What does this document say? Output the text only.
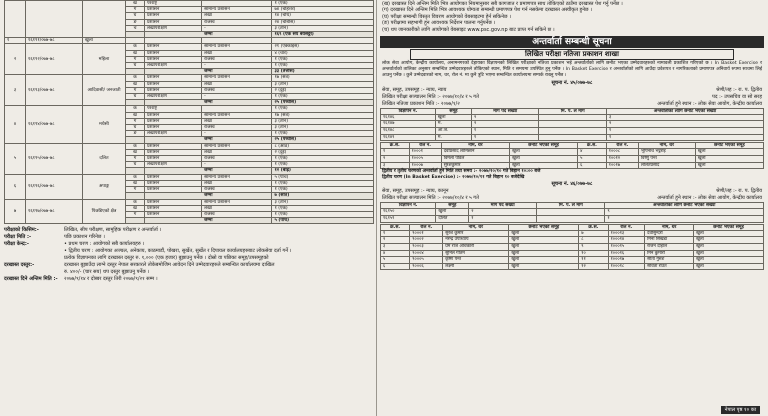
			ख	परराष्ट्र		१ (एक)
			ग	प्रशासन	सामान्य प्रशासन	७४ (चौहत्तर)
			घ	प्रशासन	लेखा	१४ (चौध)
			ङ	प्रशासन	राजस्व	२४ (चौबीस)
			च	लेखापरीक्षण	-	३ (तीन)
				जम्मा		१६९ (एक सय बयसठ्ठी)
१	१६१९१/०७७-७८	खुला				
२	१६१९२/०७७-७८	महिला	क	प्रशासन	सामान्य प्रशासन	२१ (एक्काइस)
			ख	प्रशासन	लेखा	४ (चार)
			ग	प्रशासन	राजस्व	१ (एक)
			घ	लेखापरीक्षण	-	१ (एक)
				जम्मा		३३ (तेत्तीस)
३	१६१९३/०७७-७८	आदिवासी/ जनजाती	क	प्रशासन	सामान्य प्रशासन	१७ (सत्र)
			ख	प्रशासन	लेखा	३ (तीन)
			ग	प्रशासन	राजस्व	२ (दुई)
			घ	लेखापरीक्षण	-	१ (एक)
				जम्मा		२५ (पच्चीस)
४	१६१९४/०७७-७८	मधेसी	क	परराष्ट्र		१ (एक)
			ख	प्रशासन	सामान्य प्रशासन	१७ (सत्र)
			ग	प्रशासन	लेखा	३ (तीन)
			घ	प्रशासन	राजस्व	३ (तीन)
			ङ	लेखापरीक्षण	-	१ (एक)
				जम्मा		२५ (पच्चीस)
५	१६१९५/०७७-७८	दलित	क	प्रशासन	सामान्य प्रशासन	८ (आठ)
			ख	प्रशासन	लेखा	२ (दुई)
			ग	प्रशासन	राजस्व	१ (एक)
			घ	लेखापरीक्षण	-	१ (एक)
				जम्मा		१२ (बाह्र)
६	१६१९६/०७७-७८	अपाङ्ग	क	प्रशासन	सामान्य प्रशासन	५ (पाँच)
			ख	प्रशासन	लेखा	१ (एक)
			ग	प्रशासन	राजस्व	१ (एक)
				जम्मा		७ (सात)
७	१६१९७/०७७-७८	पिछडिएको क्षेत्र	क	प्रशासन	सामान्य प्रशासन	३ (तीन)
			ख	प्रशासन	लेखा	१ (एक)
			ग	प्रशासन	राजस्व	१ (एक)
				जम्मा		५ (पाँच)
परीक्षाको किसिम:-	लिखित, सीप परीक्षण, सामूहिक परीक्षण र अन्तर्वार्ता ।
परीक्षा मिति :-	पछि प्रकाशन गरिनेछ ।
परीक्षा केन्द्र:-	• प्रथम चरण : आयोगको सबै कार्यालयहरु ।
• द्वितीय चरण : आयोगका अञ्चल, अनेकाय, काठमाडौं, पोखरा, सुर्खेत, सुर्खेत र दिपायल कार्यालयहरुबाट लोकसेवा दर्ता गर्ने ।
प्रत्येक विज्ञापनका लागि दरखास्त दस्तुर रु. १,००० (एक हजार) बुझाउनु पर्नेछ । दोस्रो वा पछिका समूह/उपसमूहको
दरखास्त दस्तुर:-	दरखास्त बुझाउँदा लाग्ने दस्तुर नेपाल सरकारले तोकेबमोजिम आवेदन दिने उम्मेदवारहरुले सम्बन्धित कार्यालयमा दाखिल
रु. ४००/- (चार सय) थप दस्तुर बुझाउनु पर्नेछ ।
दरखास्त दिने अन्तिम मिति :-	२०७७/९/१४ र दोब्बर दस्तुर तिरी २०७७/९/२१ सम्म ।
(ख) दरखास्त दिने अन्तिम मिति भित्र आयोगका नियमानुसार सबै कागजात र प्रमाणपत्र साथ तोकिएको ठाउँमा दरखास्त पेश गर्नु पर्नेछ ।
(ग) दरखास्त दिने अन्तिम मिति भित्र आवश्यक योग्यता सम्बन्धी प्रमाणपत्र पेश गर्न नसकेमा दरखास्त अस्वीकृत हुनेछ ।
(घ) परीक्षा सम्बन्धी विस्तृत विवरण आयोगको वेबसाइटमा हेर्न सकिनेछ ।
(ङ) परीक्षामा सहभागी हुन आवश्यक निर्देशन पालना गर्नुपर्नेछ ।
(च) थप जानकारीको लागि आयोगको वेबसाइट www.psc.gov.np बाट प्राप्त गर्न सकिने छ ।
अन्तर्वार्ता सम्बन्धी सूचना
लिखित परीक्षा नतिजा प्रकाशन शाखा
लोक सेवा आयोग, केन्द्रीय कार्यालय, अनामनगरको देहायका विज्ञापनको लिखित परीक्षाको नतिजा प्रकाशन भई अन्तर्वार्ताको लागि छनौट भएका उम्मेदवारहरुको नामावली प्रकाशित गरिएको छ । In Basket Exercise र अन्तर्वार्ताको तालिका अनुसार सम्बन्धित उम्मेदवारहरुले तोकिएको स्थान, मिति र समयमा उपस्थित हुनु पर्नेछ । In Basket Exercise र अन्तर्वार्ताको लागि आउँदा प्रवेशपत्र र नागरिकताको प्रमाणपत्र अनिवार्य रुपमा साथमा लिई आउनु पर्नेछ । कुनै उम्मेदवारको नाम, थर, रोल नं. मा कुनै त्रुटि भएमा सम्बन्धित कार्यालयमा सम्पर्क राख्नु पर्नेछ ।
सूचना नं. ४५/०७७-७८
सेवा, समूह, उपसमूह :- न्याय, न्याय	श्रेणी/तह :- रा. प. द्वितीय
लिखित परीक्षा सञ्चालन मिति :- २०७७/१०/४ र ५ गते	पद :- उपसचिव वा सो सरह
लिखित नतिजा प्रकाशन मिति :- २०७७/१/२	अन्तर्वार्ता हुने स्थान :- लोक सेवा आयोग, केन्द्रीय कार्यालय
विज्ञापन नं.	समूह	माग पद संख्या	मि. प. ले माग	अन्तर्वार्ताका लागि छनौट भएको संख्या
१६१४६	खुला	२		३
१६१४७	म.	२		२
१६१४८	आ.ज.	१		१
१६१४९	म.	१		१
क्र.सं.	रोल नं.	नाम, थर	छनौट भएको समूह	क्र.सं.	रोल नं.	नाम, थर	छनौट भएको समूह
१	१०००१	देवीप्रसाद लामिछाने	खुला	४	१०००८	भूपिनाथ भट्टराई	खुला
२	१०००५	विमला पौडेल	खुला	५	१००१२	विष्णु पन्त	खुला
३	१०००७	सुरेशकुमार	खुला	६	१००१७	ललितप्रसाद	खुला
द्वितीय र तृतीय चरणको अन्तर्वार्ता हुने मिति तथा समय :- २०७७/१०/१० गते बिहान १०:०० बजे
द्वितीय चरण (In Basket Exercise) :- २०७७/१०/११ गते बिहान १० बजेदेखि
सूचना नं. ४६/०७७-७८
सेवा, समूह, उपसमूह :- न्याय, कानून	श्रेणी/तह :- रा. प. द्वितीय
लिखित परीक्षा सञ्चालन मिति :- २०७७/१०/४ र ५ गते	अन्तर्वार्ता हुने स्थान :- लोक सेवा आयोग, केन्द्रीय कार्यालय
विज्ञापन नं.	समूह	माग पद संख्या	मि. प. ले माग	अन्तर्वार्ताका लागि छनौट भएको संख्या
१६१५०	खुला	२		९
१६१५१	दलित	१		१
क्र.सं.	रोल नं.	नाम, थर	छनौट भएको समूह	क्र.सं.	रोल नं.	नाम, थर	छनौट भएको समूह
१	९०००१	सुरेश कुमार	खुला	७	१०००१३	देवीसुन्दरी	खुला
२	९०००२	नरेन्द्र उपाध्याय	खुला	८	१०००१४	मिना सिंखडा	खुला
३	९०००३	प्रेम राज अधिकारी	खुला	९	१०००१५	राजन दाहाल	खुला
४	९०००४	सुनिल गौतम	खुला	१०	१०००१६	मिन कुमारी	खुला
५	९०००५	कृष्ण पन्त	खुला	११	१०००१७	सीता गुरुङ	खुला
६	९०००६	लक्ष्मी	खुला	१२	१०००१८	सविता राउत	खुला
नेपाल पृष्ठ १० का
